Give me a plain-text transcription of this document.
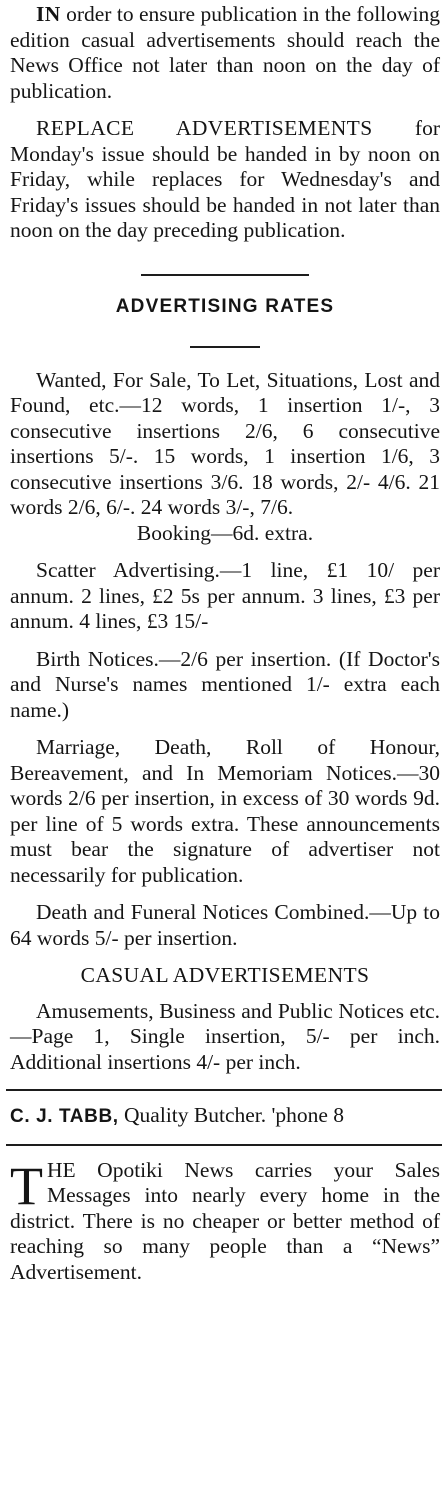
IN order to ensure publication in the following edition casual advertisements should reach the News Office not later than noon on the day of publication.

REPLACE ADVERTISEMENTS for Monday's issue should be handed in by noon on Friday, while replaces for Wednesday's and Friday's issues should be handed in not later than noon on the day preceding publication.

ADVERTISING RATES

Wanted, For Sale, To Let, Situations, Lost and Found, etc.—12 words, 1 insertion 1/-, 3 consecutive insertions 2/6, 6 consecutive insertions 5/-. 15 words, 1 insertion 1/6, 3 consecutive insertions 3/6. 18 words, 2/- 4/6. 21 words 2/6, 6/-. 24 words 3/-, 7/6.

Booking—6d. extra.

Scatter Advertising.—1 line, £1 10/ per annum. 2 lines, £2 5s per annum. 3 lines, £3 per annum. 4 lines, £3 15/-

Birth Notices.—2/6 per insertion. (If Doctor's and Nurse's names mentioned 1/- extra each name.)

Marriage, Death, Roll of Honour, Bereavement, and In Memoriam Notices.—30 words 2/6 per insertion, in excess of 30 words 9d. per line of 5 words extra. These announcements must bear the signature of advertiser not necessarily for publication.

Death and Funeral Notices Combined.—Up to 64 words 5/- per insertion.

CASUAL ADVERTISEMENTS

Amusements, Business and Public Notices etc.—Page 1, Single insertion, 5/- per inch. Additional insertions 4/- per inch.

C. J. TABB, Quality Butcher. 'phone 8

T HE Opotiki News carries your Sales Messages into nearly every home in the district. There is no cheaper or better method of reaching so many people than a “News” Advertisement.
